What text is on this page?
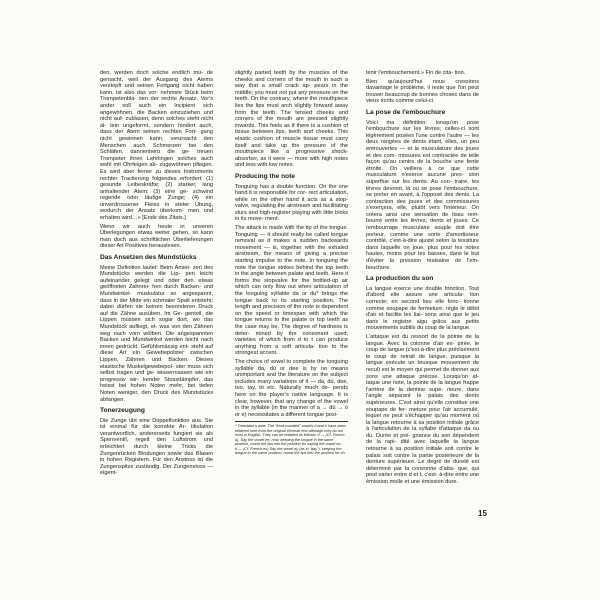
den, werden doch solche endlich mü- de gemacht, weil der Ausgang des Atems verstopft und seinen Fortgang nicht haben kann, ist also das vor- nehmste Stück beim Trompetenbla- sen der rechte Ansatz. Vor's ander soll auch ein Incipient sich angewöhnen, die Backen einzuziehen und nicht auf- zublasen, denn solches steht nicht al- lein ungeformt, sondern hindert auch, dass der Atem seinen rechten Fort- gang nicht gewinnen kann, verursacht den Menschen auch Schmerzen bei den Schläfen, dannenhero die ge- treuen Trompeter ihren Lehrlingen solches auch wohl mit Ohrfeigen ab- zugewöhnen pflegen. Es wird aber ferner zu dieses Instruments rechter Tractierung folgendes erfordert: (1) gesunde Leibeskräfte; (2) starker, lang anhaltender Atem; (3) eine ge- schwind regende oder läufige Zunge; (4) ein unverdrossener Fleiss in steter Übung, wodurch der Ansatz überkom- men und erhalten wird…» [Ende des Zitats.]

Wenn wir auch heute in unseren Überlegungen etwas weiter gehen, so kann man doch aus schriftlichen Überlieferungen dieser Art Positives herauslesen.

Das Ansetzen des Mundstücks

Meine Definition lautet: Beim Anset- zen des Mundstücks werden die Lip- pen leicht aufeinander gelegt und oder den etwas geöffneten Zahnrei- hen durch Backen- und Mundwinkel- muskulatur so angespannt, dass in der Mitte ein schmaler Spalt entsteht; dabei dürfen sie keinen besonderen Druck auf die Zähne ausüben. Im Ge- genteil, die Lippen müssen sich sogar dort, wo das Mundstück aufliegt, et- was von den Zähnen weg nach vorn wölben. Die angespannten Backen und Mundwinkel werden leicht nach innen gedrückt. Gefühlsmässig ent- steht auf diese Art ein Gewebepolster zwischen Lippen, Zähnen und Backen. Dieses elastische Muskelgewebepol- ster muss sich selbst tragen und ge- wissermassen wie ein progressiv wir- kender Stossdämpfer, das heisst bei hohen Noten mehr, bei tiefen Noten weniger, den Druck des Mundstücks abfangen.

Tonerzeugung

Die Zunge übt eine Doppelfunktion aus. Sie ist einmal für die korrekte Ar- tikulation verantwortlich, andererseits fungiert sie als Sperrventil, regelt den Luftstrom und erleichtert durch kleine Tricks die Zungenrücken Bindungen sowie das Blasen in hohen Registern. Für den Anstoss ist die Zungenspitze zuständig. Der Zungenstoss — eigent-

slightly parted teeth by the muscles of the cheeks and corners of the mouth in such a way that a small crack ap- pears in the middle; you must not put any pressure on the teeth. On the contrary, where the mouthpiece lies the lips must arch slightly forward away from the teeth. The tensed cheeks and corners of the mouth are pressed slightly inwards. This feels as if there is a cushion of tissue between lips, teeth and cheeks. This elastic cushion of muscle tissue must carry itself and take up the pressure of the mouthpiece like a progressive shock- absorber, as it were — more with high notes and less with low notes.

Producing the note

Tonguing has a double function. On the one hand it is responsible for cor- rect articulation, while on the other hand it acts as a stop-valve, regulating the airstream and facilitating slurs and high-register playing with little tricks in its move- ment.

The attack is made with the tip of the tongue. Tonguing — it should really be called tongue removal as it makes a sudden backwards movement — is, together with the exhaled airstream, the means of giving a precise starting impulse to the note. In tonguing the note the tongue strikes behind the top teeth in the angle between palate and teeth. Here it forms the stopvalve for the bottled-up air which can only flow out when articulation of the tonguing syllable da or du* brings the tongue back to its starting position. The length and precision of the note is dependent on the speed or timespan with which the tongue returns to the palate or top teeth as the case may be. The degree of hardness is deter- mined by the consonant used; varieties of which from d to t can produce anything from a soft articula- tion to the strongest accent.

The choice of vowel to complete the tonguing syllable da, dü or dee is by no means unimportant and the literature on the subject includes many variations of it — da, dü, dee, too, tay, tö etc. Naturally much de- pends here on the player's native language. It is clear, however, that any change of the vowel in the syllable (in the manner of a → dü → ö or e) necessitates a different tongue posi-

* Translator's note: The "front-rounded" vowels ü and ö have been retained here from the original German text although they do not exist in English. They can be imitated as follows: ü — (Cf. French u). Say the vowel ee, now, keeping the tongue in the same position, round the lips into the position for saying the vowel oo.
ö — (Cf. French eu) Say the vowel ay (as in "day"), keeping the tongue in the same position, round the lips into the position for oh.

tenir l'embouchement.» Fin de cita- tion.

Bien qu'aujourd'hui nous cressions davantage le problème, il reste que l'on peut trouver beaucoup de bonnes choses dans de vieux écrits comme celui-ci.

La pose de l'embouchure

Voici ma définition: lorsqu'on pose l'embouchure sur les lèvres, celles-ci sont légèrement posées l'une contre l'autre — les deux rangées de dents étant, elles, un peu entrouvertes — et la musculature des joues et des com- missures est contractée de telle façon qu'au centre de la bouche une fente étroite. On veillera à ce que cette musculature n'exerce aucune pres- sion superflue sur les dents. Au con- traire, les lèvres devront, là où se pose l'embouchure, se porter en avant, à l'opposé des dents. La contraction des joues et des commissures s'exerçera, elle, plutôt vers l'intérieur. On créera ainsi une sensation de tissu rem- bourré entre les lèvres, dents et joues. Ce rembourrage musculaire souple doit être porteur, comme une sorte d'amortisseur contrôlé, c'est-à-dire ajusté selon la tessiture dans laquelle on joue, plus pour les notes hautes, moins pour les basses, dans le but d'éviter la pression malsaine de l'em- bouchure.

La production du son

La langue exerce une double fonction. Tout d'abord elle assure une articula- tion correcte; en second lieu elle fonc- tionne comme soupape de fermeture, règle le débit d'air et facilite les liai- sons ainsi que le jeu dans le registre aigu grâce aux petits mouvements subtils du coup de la langue.

L'attaque est du ressort de la pointe de la langue. Avec la colonne d'air ex- pirée, le coup de langue (c'est-à-dire plus précisément le coup de retrait de langue, puisque la langue exécute un brusque mouvement de recul) est le moyen qui permet de donner aux sons une attaque précise. Lorsqu'on at- taque une note, la pointe de la langue frappe l'arrière de la dentine supé- rieure, dans l'angle séparant le palais des dents supérieures. C'est ainsi qu'elle constitue une soupape de fer- meture pour l'air accumulé, lequel ne peut s'échapper qu'au moment où la langue retourne à sa position initiale grâce à l'articulation de la syllabe d'attaque da ou du. Durée et pré- gnance du son dépendent de la rapi- dité avec laquelle la langue retourne à sa position initiale soit contre le palais soit contre la partie postérieure de la denture supérieure. Le degré de dureté est déterminé par la consonne d'atta- que, qui peut varier entre d et t, c'est- à-dire entre une émission molle et une émission dure.

15
